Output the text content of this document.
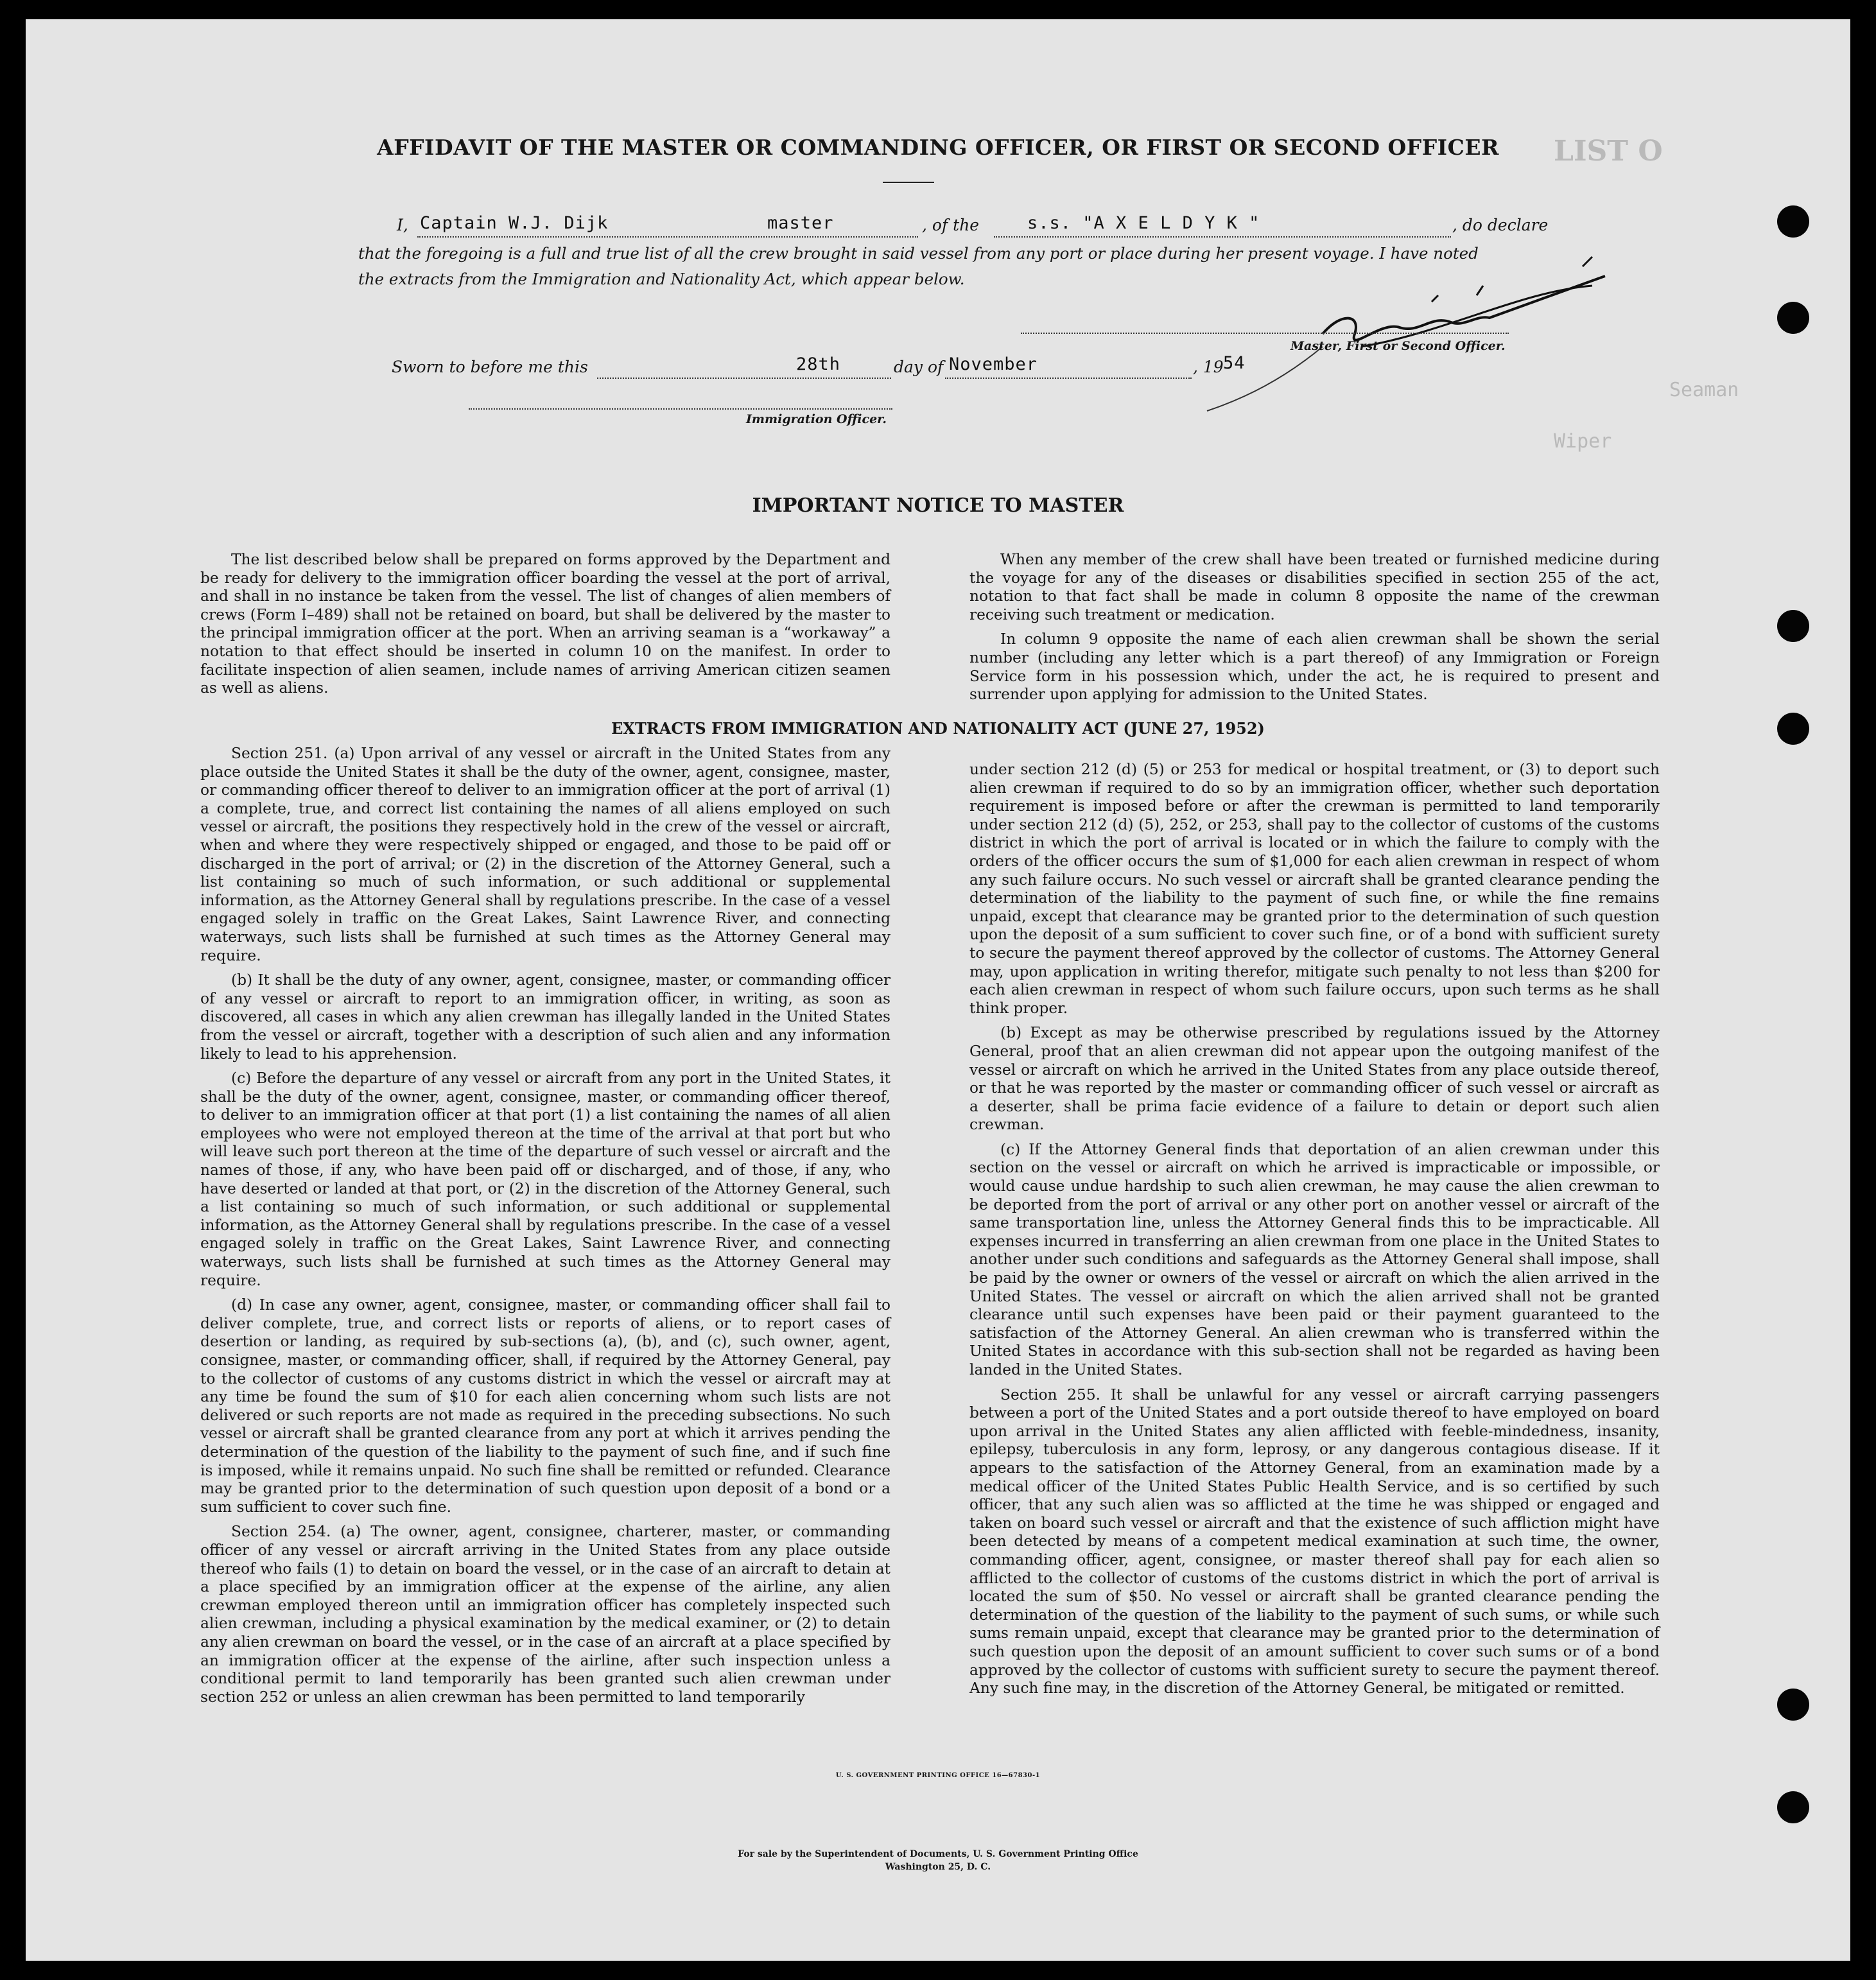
LIST O
Seaman
Wiper
AFFIDAVIT OF THE MASTER OR COMMANDING OFFICER, OR FIRST OR SECOND OFFICER
I, Captain W.J. Dijk	master	, of the	s.s. "A X E L D Y K "	, do declare
that the foregoing is a full and true list of all the crew brought in said vessel from any port or place during her present voyage. I have noted
the extracts from the Immigration and Nationality Act, which appear below.
Master, First or Second Officer.
Sworn to before me this	28th	day of November	, 19 54
Immigration Officer.
IMPORTANT NOTICE TO MASTER

The list described below shall be prepared on forms approved by the Department and be ready for delivery to the immigration officer boarding the vessel at the port of arrival, and shall in no instance be taken from the vessel. The list of changes of alien members of crews (Form I–489) shall not be retained on board, but shall be delivered by the master to the principal immigration officer at the port. When an arriving seaman is a “workaway” a notation to that effect should be inserted in column 10 on the manifest. In order to facilitate inspection of alien seamen, include names of arriving American citizen seamen as well as aliens.

When any member of the crew shall have been treated or furnished medicine during the voyage for any of the diseases or disabilities specified in section 255 of the act, notation to that fact shall be made in column 8 opposite the name of the crewman receiving such treatment or medication.

In column 9 opposite the name of each alien crewman shall be shown the serial number (including any letter which is a part thereof) of any Immigration or Foreign Service form in his possession which, under the act, he is required to present and surrender upon applying for admission to the United States.

EXTRACTS FROM IMMIGRATION AND NATIONALITY ACT (JUNE 27, 1952)

Section 251. (a) Upon arrival of any vessel or aircraft in the United States from any place outside the United States it shall be the duty of the owner, agent, consignee, master, or commanding officer thereof to deliver to an immigration officer at the port of arrival (1) a complete, true, and correct list containing the names of all aliens employed on such vessel or aircraft, the positions they respectively hold in the crew of the vessel or aircraft, when and where they were respectively shipped or engaged, and those to be paid off or discharged in the port of arrival; or (2) in the discretion of the Attorney General, such a list containing so much of such information, or such additional or supplemental information, as the Attorney General shall by regulations prescribe. In the case of a vessel engaged solely in traffic on the Great Lakes, Saint Lawrence River, and connecting waterways, such lists shall be furnished at such times as the Attorney General may require.

(b) It shall be the duty of any owner, agent, consignee, master, or commanding officer of any vessel or aircraft to report to an immigration officer, in writing, as soon as discovered, all cases in which any alien crewman has illegally landed in the United States from the vessel or aircraft, together with a description of such alien and any information likely to lead to his apprehension.

(c) Before the departure of any vessel or aircraft from any port in the United States, it shall be the duty of the owner, agent, consignee, master, or commanding officer thereof, to deliver to an immigration officer at that port (1) a list containing the names of all alien employees who were not employed thereon at the time of the arrival at that port but who will leave such port thereon at the time of the departure of such vessel or aircraft and the names of those, if any, who have been paid off or discharged, and of those, if any, who have deserted or landed at that port, or (2) in the discretion of the Attorney General, such a list containing so much of such information, or such additional or supplemental information, as the Attorney General shall by regulations prescribe. In the case of a vessel engaged solely in traffic on the Great Lakes, Saint Lawrence River, and connecting waterways, such lists shall be furnished at such times as the Attorney General may require.

(d) In case any owner, agent, consignee, master, or commanding officer shall fail to deliver complete, true, and correct lists or reports of aliens, or to report cases of desertion or landing, as required by sub-sections (a), (b), and (c), such owner, agent, consignee, master, or commanding officer, shall, if required by the Attorney General, pay to the collector of customs of any customs district in which the vessel or aircraft may at any time be found the sum of $10 for each alien concerning whom such lists are not delivered or such reports are not made as required in the preceding subsections. No such vessel or aircraft shall be granted clearance from any port at which it arrives pending the determination of the question of the liability to the payment of such fine, and if such fine is imposed, while it remains unpaid. No such fine shall be remitted or refunded. Clearance may be granted prior to the determination of such question upon deposit of a bond or a sum sufficient to cover such fine.

Section 254. (a) The owner, agent, consignee, charterer, master, or commanding officer of any vessel or aircraft arriving in the United States from any place outside thereof who fails (1) to detain on board the vessel, or in the case of an aircraft to detain at a place specified by an immigration officer at the expense of the airline, any alien crewman employed thereon until an immigration officer has completely inspected such alien crewman, including a physical examination by the medical examiner, or (2) to detain any alien crewman on board the vessel, or in the case of an aircraft at a place specified by an immigration officer at the expense of the airline, after such inspection unless a conditional permit to land temporarily has been granted such alien crewman under section 252 or unless an alien crewman has been permitted to land temporarily

under section 212 (d) (5) or 253 for medical or hospital treatment, or (3) to deport such alien crewman if required to do so by an immigration officer, whether such deportation requirement is imposed before or after the crewman is permitted to land temporarily under section 212 (d) (5), 252, or 253, shall pay to the collector of customs of the customs district in which the port of arrival is located or in which the failure to comply with the orders of the officer occurs the sum of $1,000 for each alien crewman in respect of whom any such failure occurs. No such vessel or aircraft shall be granted clearance pending the determination of the liability to the payment of such fine, or while the fine remains unpaid, except that clearance may be granted prior to the determination of such question upon the deposit of a sum sufficient to cover such fine, or of a bond with sufficient surety to secure the payment thereof approved by the collector of customs. The Attorney General may, upon application in writing therefor, mitigate such penalty to not less than $200 for each alien crewman in respect of whom such failure occurs, upon such terms as he shall think proper.

(b) Except as may be otherwise prescribed by regulations issued by the Attorney General, proof that an alien crewman did not appear upon the outgoing manifest of the vessel or aircraft on which he arrived in the United States from any place outside thereof, or that he was reported by the master or commanding officer of such vessel or aircraft as a deserter, shall be prima facie evidence of a failure to detain or deport such alien crewman.

(c) If the Attorney General finds that deportation of an alien crewman under this section on the vessel or aircraft on which he arrived is impracticable or impossible, or would cause undue hardship to such alien crewman, he may cause the alien crewman to be deported from the port of arrival or any other port on another vessel or aircraft of the same transportation line, unless the Attorney General finds this to be impracticable. All expenses incurred in transferring an alien crewman from one place in the United States to another under such conditions and safeguards as the Attorney General shall impose, shall be paid by the owner or owners of the vessel or aircraft on which the alien arrived in the United States. The vessel or aircraft on which the alien arrived shall not be granted clearance until such expenses have been paid or their payment guaranteed to the satisfaction of the Attorney General. An alien crewman who is transferred within the United States in accordance with this sub-section shall not be regarded as having been landed in the United States.

Section 255. It shall be unlawful for any vessel or aircraft carrying passengers between a port of the United States and a port outside thereof to have employed on board upon arrival in the United States any alien afflicted with feeble-mindedness, insanity, epilepsy, tuberculosis in any form, leprosy, or any dangerous contagious disease. If it appears to the satisfaction of the Attorney General, from an examination made by a medical officer of the United States Public Health Service, and is so certified by such officer, that any such alien was so afflicted at the time he was shipped or engaged and taken on board such vessel or aircraft and that the existence of such affliction might have been detected by means of a competent medical examination at such time, the owner, commanding officer, agent, consignee, or master thereof shall pay for each alien so afflicted to the collector of customs of the customs district in which the port of arrival is located the sum of $50. No vessel or aircraft shall be granted clearance pending the determination of the question of the liability to the payment of such sums, or while such sums remain unpaid, except that clearance may be granted prior to the determination of such question upon the deposit of an amount sufficient to cover such sums or of a bond approved by the collector of customs with sufficient surety to secure the payment thereof. Any such fine may, in the discretion of the Attorney General, be mitigated or remitted.

U. S. GOVERNMENT PRINTING OFFICE 16—67830-1
For sale by the Superintendent of Documents, U. S. Government Printing Office
Washington 25, D. C.
